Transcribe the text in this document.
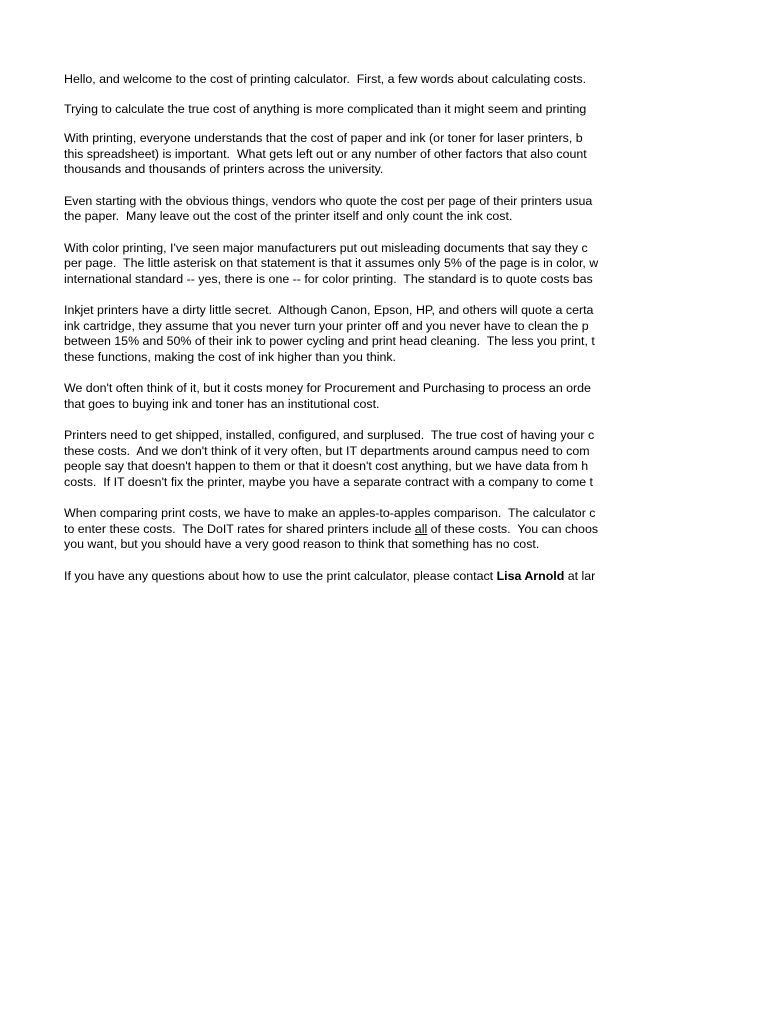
Hello, and welcome to the cost of printing calculator.  First, a few words about calculating costs.

Trying to calculate the true cost of anything is more complicated than it might seem and printing

With printing, everyone understands that the cost of paper and ink (or toner for laser printers, b
this spreadsheet) is important.  What gets left out or any number of other factors that also count
thousands and thousands of printers across the university.

Even starting with the obvious things, vendors who quote the cost per page of their printers usua
the paper.  Many leave out the cost of the printer itself and only count the ink cost.

With color printing, I've seen major manufacturers put out misleading documents that say they c
per page.  The little asterisk on that statement is that it assumes only 5% of the page is in color, w
international standard -- yes, there is one -- for color printing.  The standard is to quote costs bas

Inkjet printers have a dirty little secret.  Although Canon, Epson, HP, and others will quote a certa
ink cartridge, they assume that you never turn your printer off and you never have to clean the p
between 15% and 50% of their ink to power cycling and print head cleaning.  The less you print, t
these functions, making the cost of ink higher than you think.

We don't often think of it, but it costs money for Procurement and Purchasing to process an orde
that goes to buying ink and toner has an institutional cost.

Printers need to get shipped, installed, configured, and surplused.  The true cost of having your c
these costs.  And we don't think of it very often, but IT departments around campus need to com
people say that doesn't happen to them or that it doesn't cost anything, but we have data from h
costs.  If IT doesn't fix the printer, maybe you have a separate contract with a company to come t

When comparing print costs, we have to make an apples-to-apples comparison.  The calculator c
to enter these costs.  The DoIT rates for shared printers include all of these costs.  You can choos
you want, but you should have a very good reason to think that something has no cost.

If you have any questions about how to use the print calculator, please contact Lisa Arnold at lar
